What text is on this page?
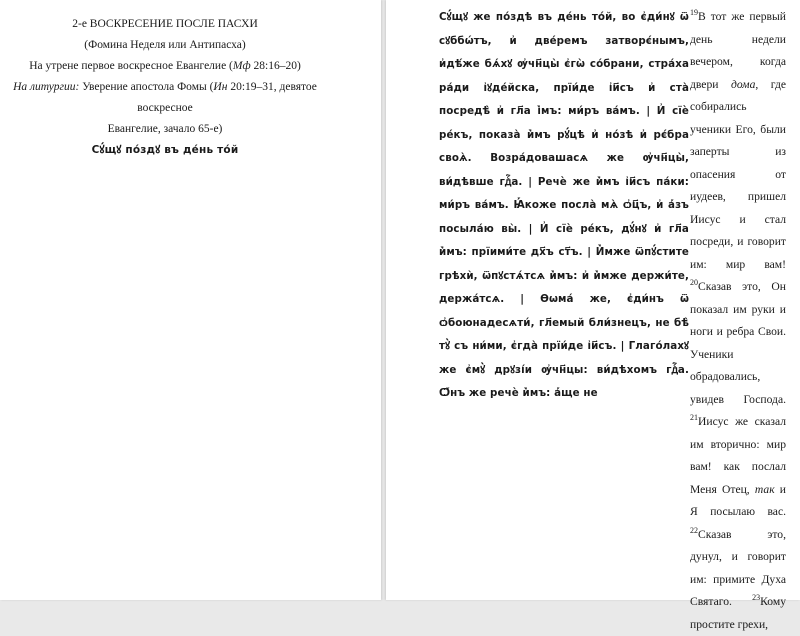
2-е ВОСКРЕСЕНИЕ ПОСЛЕ ПАСХИ
(Фомина Неделя или Антипасха)
На утрене первое воскресное Евангелие (Мф 28:16–20)
На литургии: Уверение апостола Фомы (Ин 20:19–31, девятое воскресное
Евангелие, зачало 65-е)
Сꙋ́щꙋ по́здꙋ въ де́нь то́й
Сꙋ́щꙋ же по́здѣ въ де́нь то́й, во є҆ди́нꙋ ѿ сꙋббѡ́тъ, и҆ две́ремъ затворє́нымъ, и҆дѣ́же бѧ́хꙋ ѹ҆чн҃цы̀ є҆гѡ̀ со́брани, стра́ха ра́ди і҆ꙋде́йска, прїи́де і҆и҃съ и҆ ста̀ посредѣ̀ и҆ гл҃а ı҆̀мъ: ми́ръ ва́мъ. | И҆ сїѐ ре́къ, показа̀ и҆̀мъ рꙋ́цѣ и҆ но́зѣ и҆ рє́бра своѧ̀. Возра́довашасѧ же ѹ҆чн҃цы̀, ви́дѣвше гдⷭ҇а. | Речѐ же и҆̀мъ і҆и҃съ па́ки: ми́ръ ва́мъ. Ꙗ҆́коже посла̀ мѧ̀ ѻ҆ц҃ъ, и҆ а҆́зъ посыла́ю вы̀. | И҆ сїѐ ре́къ, дꙋ́нꙋ и҆ гл҃а и҆̀мъ: прїими́те дх҃ъ ст҃ъ. | И҆̀мже ѿпꙋ́стите грѣхѝ, ѿпꙋстѧ́тсѧ и҆̀мъ: и҆ и҆̀мже держи́те, держа́тсѧ. | Ѳѡма́ же, є҆ди́нъ ѿ ѻ҆боюнадесѧти́, гл҃емый бли́знецъ, не бѣ̀ тꙋ̀ съ ни́ми, є҆гда̀ прїи́де і҆и҃съ. | Глаго́лахꙋ же є҆мꙋ̀ дрꙋзі́и ѹ҆чн҃цы: ви́дѣхомъ гдⷭ҇а. Ѻ҆́нъ же речѐ и҆̀мъ: а҆́ще не
$^{19}$В тот же первый день недели вечером, когда двери дома, где собирались ученики Его, были заперты из опасения от иудеев, пришел Иисус и стал посреди, и говорит им: мир вам! $^{20}$Сказав это, Он показал им руки и ноги и ребра Свои. Ученики обрадовались, увидев Господа. $^{21}$Иисус же сказал им вторично: мир вам! как послал Меня Отец, так и Я посылаю вас. $^{22}$Сказав это, дунул, и говорит им: примите Духа Святаго. $^{23}$Кому простите грехи,
